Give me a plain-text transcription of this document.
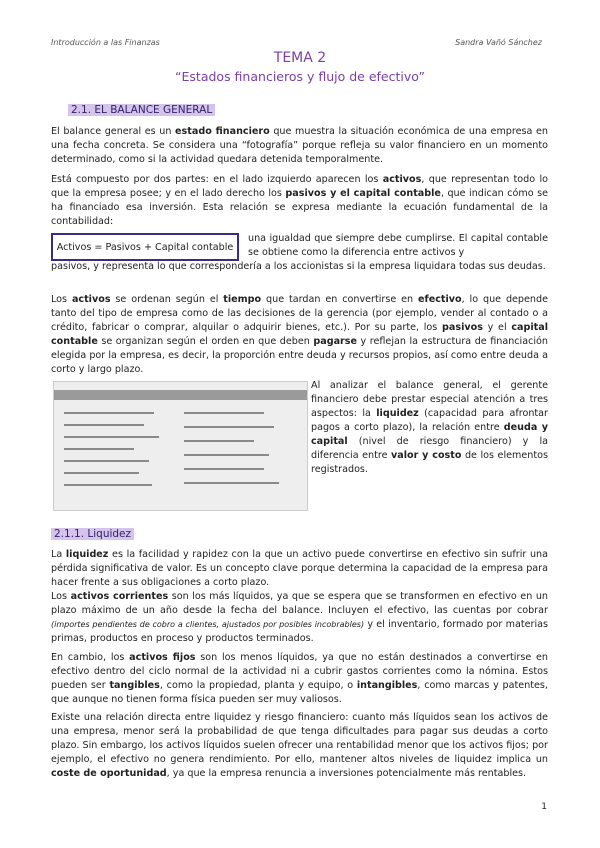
Introducción a las Finanzas	Sandra Vañó Sánchez
TEMA 2
“Estados financieros y flujo de efectivo”
2.1. EL BALANCE GENERAL

El balance general es un estado financiero que muestra la situación económica de una empresa en una fecha concreta. Se considera una “fotografía” porque refleja su valor financiero en un momento determinado, como si la actividad quedara detenida temporalmente.

Está compuesto por dos partes: en el lado izquierdo aparecen los activos, que representan todo lo que la empresa posee; y en el lado derecho los pasivos y el capital contable, que indican cómo se ha financiado esa inversión. Esta relación se expresa mediante la ecuación fundamental de la contabilidad:

Activos = Pasivos + Capital contable

una igualdad que siempre debe cumplirse. El capital contable se obtiene como la diferencia entre activos y

pasivos, y representa lo que correspondería a los accionistas si la empresa liquidara todas sus deudas.

Los activos se ordenan según el tiempo que tardan en convertirse en efectivo, lo que depende tanto del tipo de empresa como de las decisiones de la gerencia (por ejemplo, vender al contado o a crédito, fabricar o comprar, alquilar o adquirir bienes, etc.). Por su parte, los pasivos y el capital contable se organizan según el orden en que deben pagarse y reflejan la estructura de financiación elegida por la empresa, es decir, la proporción entre deuda y recursos propios, así como entre deuda a corto y largo plazo.

Al analizar el balance general, el gerente financiero debe prestar especial atención a tres aspectos: la liquidez (capacidad para afrontar pagos a corto plazo), la relación entre deuda y capital (nivel de riesgo financiero) y la diferencia entre valor y costo de los elementos registrados.

2.1.1. Liquidez

La liquidez es la facilidad y rapidez con la que un activo puede convertirse en efectivo sin sufrir una pérdida significativa de valor. Es un concepto clave porque determina la capacidad de la empresa para hacer frente a sus obligaciones a corto plazo.

Los activos corrientes son los más líquidos, ya que se espera que se transformen en efectivo en un plazo máximo de un año desde la fecha del balance. Incluyen el efectivo, las cuentas por cobrar (importes pendientes de cobro a clientes, ajustados por posibles incobrables) y el inventario, formado por materias primas, productos en proceso y productos terminados.

En cambio, los activos fijos son los menos líquidos, ya que no están destinados a convertirse en efectivo dentro del ciclo normal de la actividad ni a cubrir gastos corrientes como la nómina. Estos pueden ser tangibles, como la propiedad, planta y equipo, o intangibles, como marcas y patentes, que aunque no tienen forma física pueden ser muy valiosos.

Existe una relación directa entre liquidez y riesgo financiero: cuanto más líquidos sean los activos de una empresa, menor será la probabilidad de que tenga dificultades para pagar sus deudas a corto plazo. Sin embargo, los activos líquidos suelen ofrecer una rentabilidad menor que los activos fijos; por ejemplo, el efectivo no genera rendimiento. Por ello, mantener altos niveles de liquidez implica un coste de oportunidad, ya que la empresa renuncia a inversiones potencialmente más rentables.

1
